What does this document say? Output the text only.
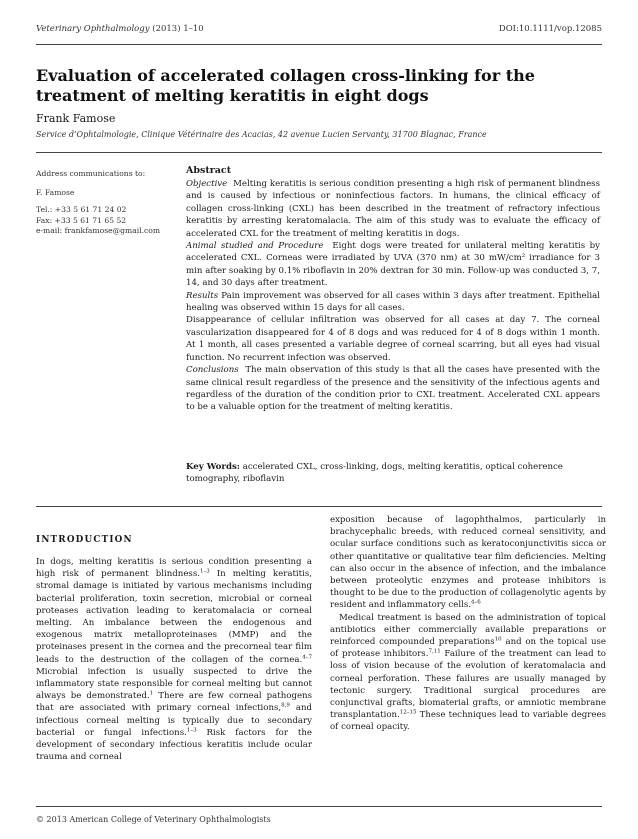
Veterinary Ophthalmology (2013) 1–10	DOI:10.1111/vop.12085
Evaluation of accelerated collagen cross-linking for the treatment of melting keratitis in eight dogs
Frank Famose
Service d’Ophtalmologie, Clinique Vétérinaire des Acacias, 42 avenue Lucien Servanty, 31700 Blagnac, France
Address communications to:
F. Famose
Tel.: +33 5 61 71 24 02
Fax: +33 5 61 71 65 52
e-mail: frankfamose@gmail.com
Abstract

Objective Melting keratitis is serious condition presenting a high risk of permanent blindness and is caused by infectious or noninfectious factors. In humans, the clinical efficacy of collagen cross-linking (CXL) has been described in the treatment of refractory infectious keratitis by arresting keratomalacia. The aim of this study was to evaluate the efficacy of accelerated CXL for the treatment of melting keratitis in dogs.

Animal studied and Procedure Eight dogs were treated for unilateral melting keratitis by accelerated CXL. Corneas were irradiated by UVA (370 nm) at 30 mW/cm² irradiance for 3 min after soaking by 0.1% riboflavin in 20% dextran for 30 min. Follow-up was conducted 3, 7, 14, and 30 days after treatment.

Results Pain improvement was observed for all cases within 3 days after treatment. Epithelial healing was observed within 15 days for all cases.

Disappearance of cellular infiltration was observed for all cases at day 7. The corneal vascularization disappeared for 4 of 8 dogs and was reduced for 4 of 8 dogs within 1 month. At 1 month, all cases presented a variable degree of corneal scarring, but all eyes had visual function. No recurrent infection was observed.

Conclusions The main observation of this study is that all the cases have presented with the same clinical result regardless of the presence and the sensitivity of the infectious agents and regardless of the duration of the condition prior to CXL treatment. Accelerated CXL appears to be a valuable option for the treatment of melting keratitis.

Key Words: accelerated CXL, cross-linking, dogs, melting keratitis, optical coherence tomography, riboflavin
INTRODUCTION

In dogs, melting keratitis is serious condition presenting a high risk of permanent blindness.$^{1-3}$ In melting keratitis, stromal damage is initiated by various mechanisms including bacterial proliferation, toxin secretion, microbial or corneal proteases activation leading to keratomalacia or corneal melting. An imbalance between the endogenous and exogenous matrix metalloproteinases (MMP) and the proteinases present in the cornea and the precorneal tear film leads to the destruction of the collagen of the cornea.$^{4-7}$ Microbial infection is usually suspected to drive the inflammatory state responsible for corneal melting but cannot always be demonstrated.$^1$ There are few corneal pathogens that are associated with primary corneal infections,$^{8,9}$ and infectious corneal melting is typically due to secondary bacterial or fungal infections.$^{1-3}$ Risk factors for the development of secondary infectious keratitis include ocular trauma and corneal

exposition because of lagophthalmos, particularly in brachycephalic breeds, with reduced corneal sensitivity, and ocular surface conditions such as keratoconjunctivitis sicca or other quantitative or qualitative tear film deficiencies. Melting can also occur in the absence of infection, and the imbalance between proteolytic enzymes and protease inhibitors is thought to be due to the production of collagenolytic agents by resident and inflammatory cells.$^{4-6}$

Medical treatment is based on the administration of topical antibiotics either commercially available preparations or reinforced compounded preparations$^{10}$ and on the topical use of protease inhibitors.$^{7,11}$ Failure of the treatment can lead to loss of vision because of the evolution of keratomalacia and corneal perforation. These failures are usually managed by tectonic surgery. Traditional surgical procedures are conjunctival grafts, biomaterial grafts, or amniotic membrane transplantation.$^{12-15}$ These techniques lead to variable degrees of corneal opacity.

© 2013 American College of Veterinary Ophthalmologists
